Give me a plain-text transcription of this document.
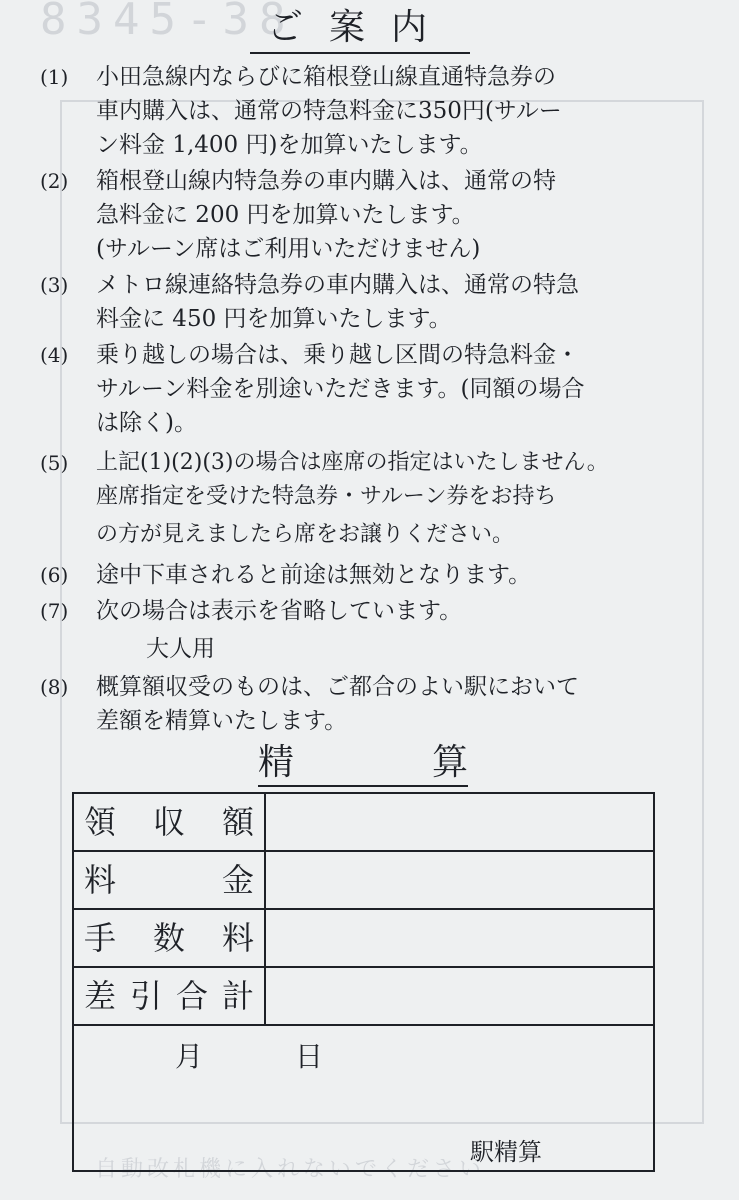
8345-38
自動改札機に入れないでください
ご案内
(1)	小田急線内ならびに箱根登山線直通特急券の
車内購入は、通常の特急料金に350円(サルー
ン料金 1,400 円)を加算いたします。
(2)	箱根登山線内特急券の車内購入は、通常の特
急料金に 200 円を加算いたします。
(サルーン席はご利用いただけません)
(3)	メトロ線連絡特急券の車内購入は、通常の特急
料金に 450 円を加算いたします。
(4)	乗り越しの場合は、乗り越し区間の特急料金・
サルーン料金を別途いただきます。(同額の場合
は除く)。
(5)	上記(1)(2)(3)の場合は座席の指定はいたしません。
座席指定を受けた特急券・サルーン券をお持ち
の方が見えましたら席をお譲りください。
(6)	途中下車されると前途は無効となります。
(7)	次の場合は表示を省略しています。
大人用
(8)	概算額収受のものは、ご都合のよい駅において
差額を精算いたします。
精	算
領 収 額
料	金
手 数 料
差 引 合 計
月	日
駅精算
